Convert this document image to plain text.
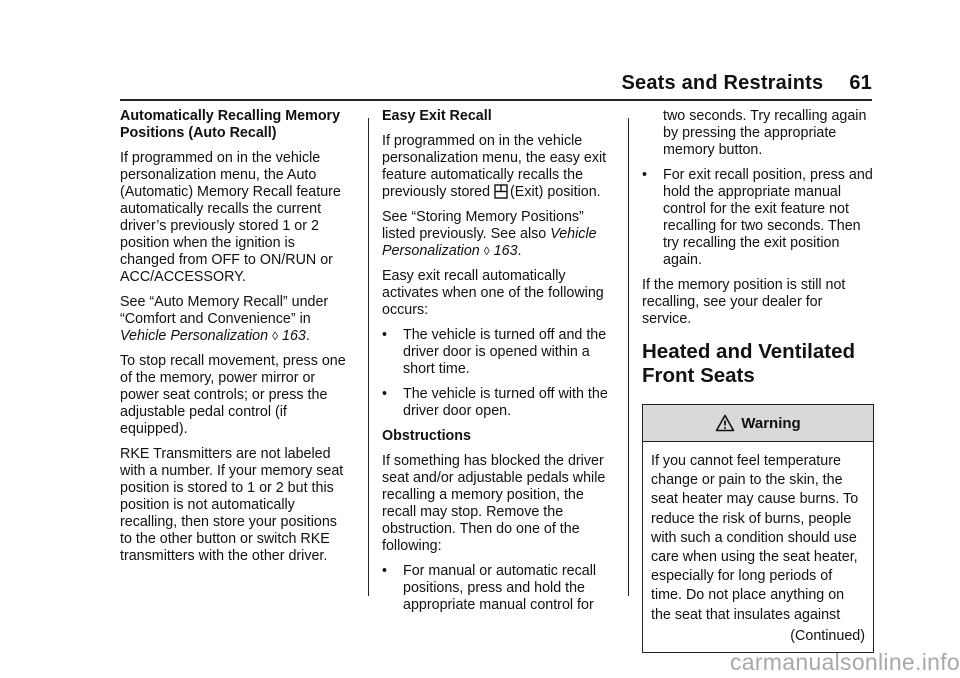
Seats and Restraints 61

Automatically Recalling Memory Positions (Auto Recall)

If programmed on in the vehicle personalization menu, the Auto (Automatic) Memory Recall feature automatically recalls the current driver’s previously stored 1 or 2 position when the ignition is changed from OFF to ON/RUN or ACC/ACCESSORY.

See “Auto Memory Recall” under “Comfort and Convenience” in Vehicle Personalization ◊ 163.

To stop recall movement, press one of the memory, power mirror or power seat controls; or press the adjustable pedal control (if equipped).

RKE Transmitters are not labeled with a number. If your memory seat position is stored to 1 or 2 but this position is not automatically recalling, then store your positions to the other button or switch RKE transmitters with the other driver.

Easy Exit Recall

If programmed on in the vehicle personalization menu, the easy exit feature automatically recalls the previously stored (Exit) position.

See “Storing Memory Positions” listed previously. See also Vehicle Personalization ◊ 163.

Easy exit recall automatically activates when one of the following occurs:

•	The vehicle is turned off and the driver door is opened within a short time.
•	The vehicle is turned off with the driver door open.

Obstructions

If something has blocked the driver seat and/or adjustable pedals while recalling a memory position, the recall may stop. Remove the obstruction. Then do one of the following:

•	For manual or automatic recall positions, press and hold the appropriate manual control for

two seconds. Try recalling again by pressing the appropriate memory button.

•	For exit recall position, press and hold the appropriate manual control for the exit feature not recalling for two seconds. Then try recalling the exit position again.

If the memory position is still not recalling, see your dealer for service.

Heated and Ventilated Front Seats
Warning
If you cannot feel temperature change or pain to the skin, the seat heater may cause burns. To reduce the risk of burns, people with such a condition should use care when using the seat heater, especially for long periods of time. Do not place anything on the seat that insulates against
(Continued)
carmanualsonline.info
